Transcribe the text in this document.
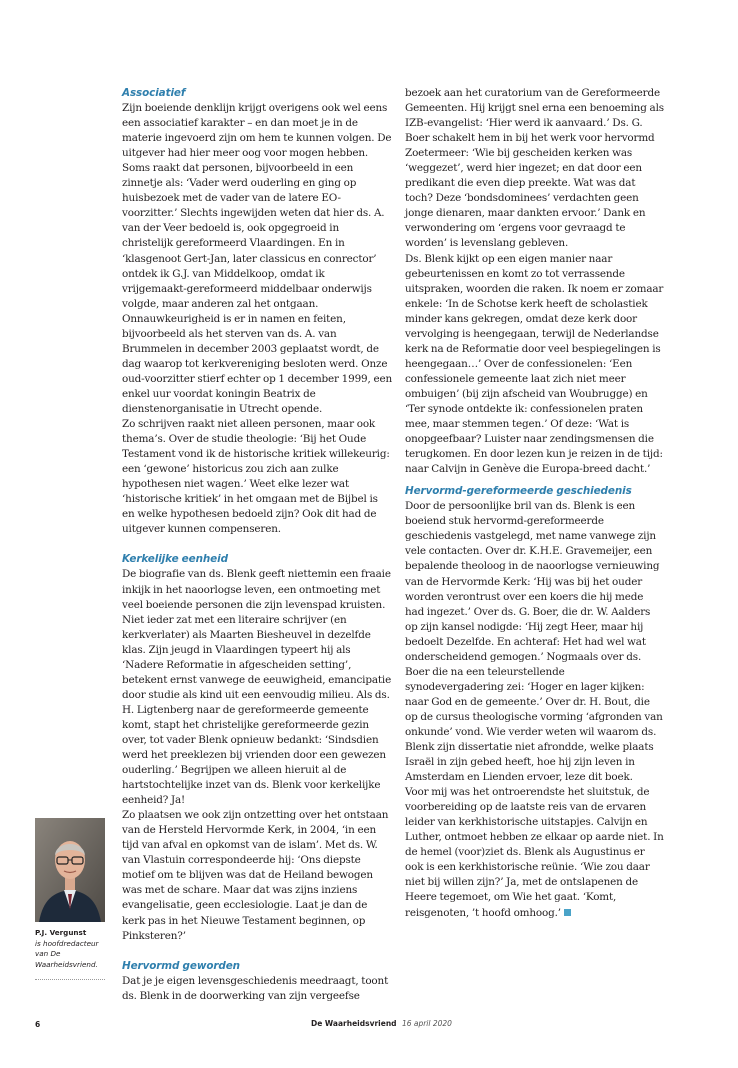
Associatief

Zijn boeiende denklijn krijgt overigens ook wel eens een associatief karakter – en dan moet je in de materie ingevoerd zijn om hem te kunnen volgen. De uitgever had hier meer oog voor mogen hebben. Soms raakt dat personen, bijvoorbeeld in een zinnetje als: ‘Vader werd ouderling en ging op huisbezoek met de vader van de latere EO-voorzitter.’ Slechts ingewijden weten dat hier ds. A. van der Veer bedoeld is, ook opgegroeid in christelijk gereformeerd Vlaardingen. En in ‘klasgenoot Gert-Jan, later classicus en conrector’ ontdek ik G.J. van Middelkoop, omdat ik vrijgemaakt-gereformeerd middelbaar onderwijs volgde, maar anderen zal het ontgaan. Onnauwkeurigheid is er in namen en feiten, bijvoorbeeld als het sterven van ds. A. van Brummelen in december 2003 geplaatst wordt, de dag waarop tot kerkvereniging besloten werd. Onze oud-voorzitter stierf echter op 1 december 1999, een enkel uur voordat koningin Beatrix de dienstenorganisatie in Utrecht opende.

Zo schrijven raakt niet alleen personen, maar ook thema’s. Over de studie theologie: ‘Bij het Oude Testament vond ik de historische kritiek willekeurig: een ‘gewone’ historicus zou zich aan zulke hypothesen niet wagen.’ Weet elke lezer wat ‘historische kritiek’ in het omgaan met de Bijbel is en welke hypothesen bedoeld zijn? Ook dit had de uitgever kunnen compenseren.

Kerkelijke eenheid

De biografie van ds. Blenk geeft niettemin een fraaie inkijk in het naoorlogse leven, een ontmoeting met veel boeiende personen die zijn levenspad kruisten. Niet ieder zat met een literaire schrijver (en kerkverlater) als Maarten Biesheuvel in dezelfde klas. Zijn jeugd in Vlaardingen typeert hij als ‘Nadere Reformatie in afgescheiden setting’, betekent ernst vanwege de eeuwigheid, emancipatie door studie als kind uit een eenvoudig milieu. Als ds. H. Ligtenberg naar de gereformeerde gemeente komt, stapt het christelijke gereformeerde gezin over, tot vader Blenk opnieuw bedankt: ‘Sindsdien werd het preeklezen bij vrienden door een gewezen ouderling.’ Begrijpen we alleen hieruit al de hartstochtelijke inzet van ds. Blenk voor kerkelijke eenheid? Ja!

Zo plaatsen we ook zijn ontzetting over het ontstaan van de Hersteld Hervormde Kerk, in 2004, ‘in een tijd van afval en opkomst van de islam’. Met ds. W. van Vlastuin correspondeerde hij: ‘Ons diepste motief om te blijven was dat de Heiland bewogen was met de schare. Maar dat was zijns inziens evangelisatie, geen ecclesiologie. Laat je dan de kerk pas in het Nieuwe Testament beginnen, op Pinksteren?’

Hervormd geworden

Dat je je eigen levensgeschiedenis meedraagt, toont ds. Blenk in de doorwerking van zijn vergeefse

bezoek aan het curatorium van de Gereformeerde Gemeenten. Hij krijgt snel erna een benoeming als IZB-evangelist: ‘Hier werd ik aanvaard.’ Ds. G. Boer schakelt hem in bij het werk voor hervormd Zoetermeer: ‘Wie bij gescheiden kerken was ‘weggezet’, werd hier ingezet; en dat door een predikant die even diep preekte. Wat was dat toch? Deze ‘bondsdominees’ verdachten geen jonge dienaren, maar dankten ervoor.’ Dank en verwondering om ‘ergens voor gevraagd te worden’ is levenslang gebleven.

Ds. Blenk kijkt op een eigen manier naar gebeurtenissen en komt zo tot verrassende uitspraken, woorden die raken. Ik noem er zomaar enkele: ‘In de Schotse kerk heeft de scholastiek minder kans gekregen, omdat deze kerk door vervolging is heengegaan, terwijl de Nederlandse kerk na de Reformatie door veel bespiegelingen is heengegaan…’ Over de confessionelen: ‘Een confessionele gemeente laat zich niet meer ombuigen’ (bij zijn afscheid van Woubrugge) en ‘Ter synode ontdekte ik: confessionelen praten mee, maar stemmen tegen.’ Of deze: ‘Wat is onopgeefbaar? Luister naar zendingsmensen die terugkomen. En door lezen kun je reizen in de tijd: naar Calvijn in Genève die Europa-breed dacht.’

Hervormd-gereformeerde geschiedenis

Door de persoonlijke bril van ds. Blenk is een boeiend stuk hervormd-gereformeerde geschiedenis vastgelegd, met name vanwege zijn vele contacten. Over dr. K.H.E. Gravemeijer, een bepalende theoloog in de naoorlogse vernieuwing van de Hervormde Kerk: ‘Hij was bij het ouder worden verontrust over een koers die hij mede had ingezet.’ Over ds. G. Boer, die dr. W. Aalders op zijn kansel nodigde: ‘Hij zegt Heer, maar hij bedoelt Dezelfde. En achteraf: Het had wel wat onderscheidend gemogen.’ Nogmaals over ds. Boer die na een teleurstellende synodevergadering zei: ‘Hoger en lager kijken: naar God en de gemeente.’ Over dr. H. Bout, die op de cursus theologische vorming ‘afgronden van onkunde’ vond. Wie verder weten wil waarom ds. Blenk zijn dissertatie niet afrondde, welke plaats Israël in zijn gebed heeft, hoe hij zijn leven in Amsterdam en Lienden ervoer, leze dit boek.

Voor mij was het ontroerendste het sluitstuk, de voorbereiding op de laatste reis van de ervaren leider van kerkhistorische uitstapjes. Calvijn en Luther, ontmoet hebben ze elkaar op aarde niet. In de hemel (voor)ziet ds. Blenk als Augustinus er ook is een kerkhistorische reünie. ‘Wie zou daar niet bij willen zijn?’ Ja, met de ontslapenen de Heere tegemoet, om Wie het gaat. ‘Komt, reisgenoten, ’t hoofd omhoog.’

P.J. Vergunst
is hoofdredacteur van De Waarheidsvriend.
6	De Waarheidsvriend 16 april 2020
